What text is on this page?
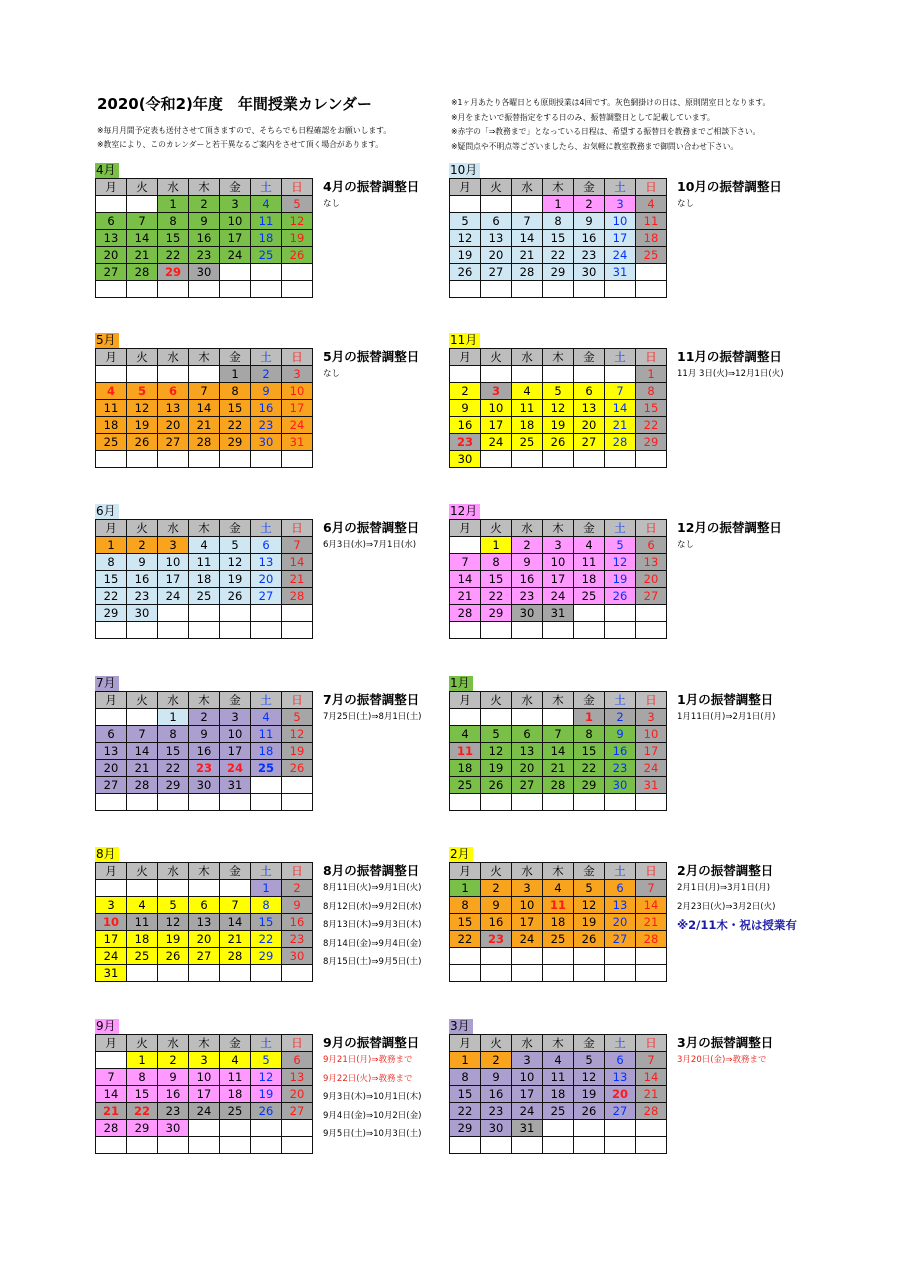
2020(令和2)年度　年間授業カレンダー
※毎月月間予定表も送付させて頂きますので、そちらでも日程確認をお願いします。
※教室により、このカレンダーと若干異なるご案内をさせて頂く場合があります。
※1ヶ月あたり各曜日とも原則授業は4回です。灰色網掛けの日は、原則閉室日となります。
※月をまたいで振替指定をする日のみ、振替調整日として記載しています。
※赤字の「⇒教務まで」となっている日程は、希望する振替日を教務までご相談下さい。
※疑問点や不明点等ございましたら、お気軽に教室教務まで御問い合わせ下さい。
4月
月	火	水	木	金	土	日
		1	2	3	4	5
6	7	8	9	10	11	12
13	14	15	16	17	18	19
20	21	22	23	24	25	26
27	28	29	30			

4月の振替調整日
なし
10月
月	火	水	木	金	土	日
			1	2	3	4
5	6	7	8	9	10	11
12	13	14	15	16	17	18
19	20	21	22	23	24	25
26	27	28	29	30	31	

10月の振替調整日
なし
5月
月	火	水	木	金	土	日
				1	2	3
4	5	6	7	8	9	10
11	12	13	14	15	16	17
18	19	20	21	22	23	24
25	26	27	28	29	30	31

5月の振替調整日
なし
11月
月	火	水	木	金	土	日
						1
2	3	4	5	6	7	8
9	10	11	12	13	14	15
16	17	18	19	20	21	22
23	24	25	26	27	28	29
30						
11月の振替調整日
11月 3日(火)⇒12月1日(火)
6月
月	火	水	木	金	土	日
1	2	3	4	5	6	7
8	9	10	11	12	13	14
15	16	17	18	19	20	21
22	23	24	25	26	27	28
29	30					

6月の振替調整日
6月3日(水)⇒7月1日(水)
12月
月	火	水	木	金	土	日
	1	2	3	4	5	6
7	8	9	10	11	12	13
14	15	16	17	18	19	20
21	22	23	24	25	26	27
28	29	30	31			

12月の振替調整日
なし
7月
月	火	水	木	金	土	日
		1	2	3	4	5
6	7	8	9	10	11	12
13	14	15	16	17	18	19
20	21	22	23	24	25	26
27	28	29	30	31		

7月の振替調整日
7月25日(土)⇒8月1日(土)
1月
月	火	水	木	金	土	日
				1	2	3
4	5	6	7	8	9	10
11	12	13	14	15	16	17
18	19	20	21	22	23	24
25	26	27	28	29	30	31

1月の振替調整日
1月11日(月)⇒2月1日(月)
8月
月	火	水	木	金	土	日
					1	2
3	4	5	6	7	8	9
10	11	12	13	14	15	16
17	18	19	20	21	22	23
24	25	26	27	28	29	30
31						
8月の振替調整日
8月11日(火)⇒9月1日(火)
8月12日(水)⇒9月2日(水)
8月13日(木)⇒9月3日(木)
8月14日(金)⇒9月4日(金)
8月15日(土)⇒9月5日(土)
2月
月	火	水	木	金	土	日
1	2	3	4	5	6	7
8	9	10	11	12	13	14
15	16	17	18	19	20	21
22	23	24	25	26	27	28

2月の振替調整日
2月1日(月)⇒3月1日(月)
2月23日(火)⇒3月2日(火)
※2/11木・祝は授業有
9月
月	火	水	木	金	土	日
	1	2	3	4	5	6
7	8	9	10	11	12	13
14	15	16	17	18	19	20
21	22	23	24	25	26	27
28	29	30				

9月の振替調整日
9月21日(月)⇒教務まで
9月22日(火)⇒教務まで
9月3日(木)⇒10月1日(木)
9月4日(金)⇒10月2日(金)
9月5日(土)⇒10月3日(土)
3月
月	火	水	木	金	土	日
1	2	3	4	5	6	7
8	9	10	11	12	13	14
15	16	17	18	19	20	21
22	23	24	25	26	27	28
29	30	31				

3月の振替調整日
3月20日(金)⇒教務まで
